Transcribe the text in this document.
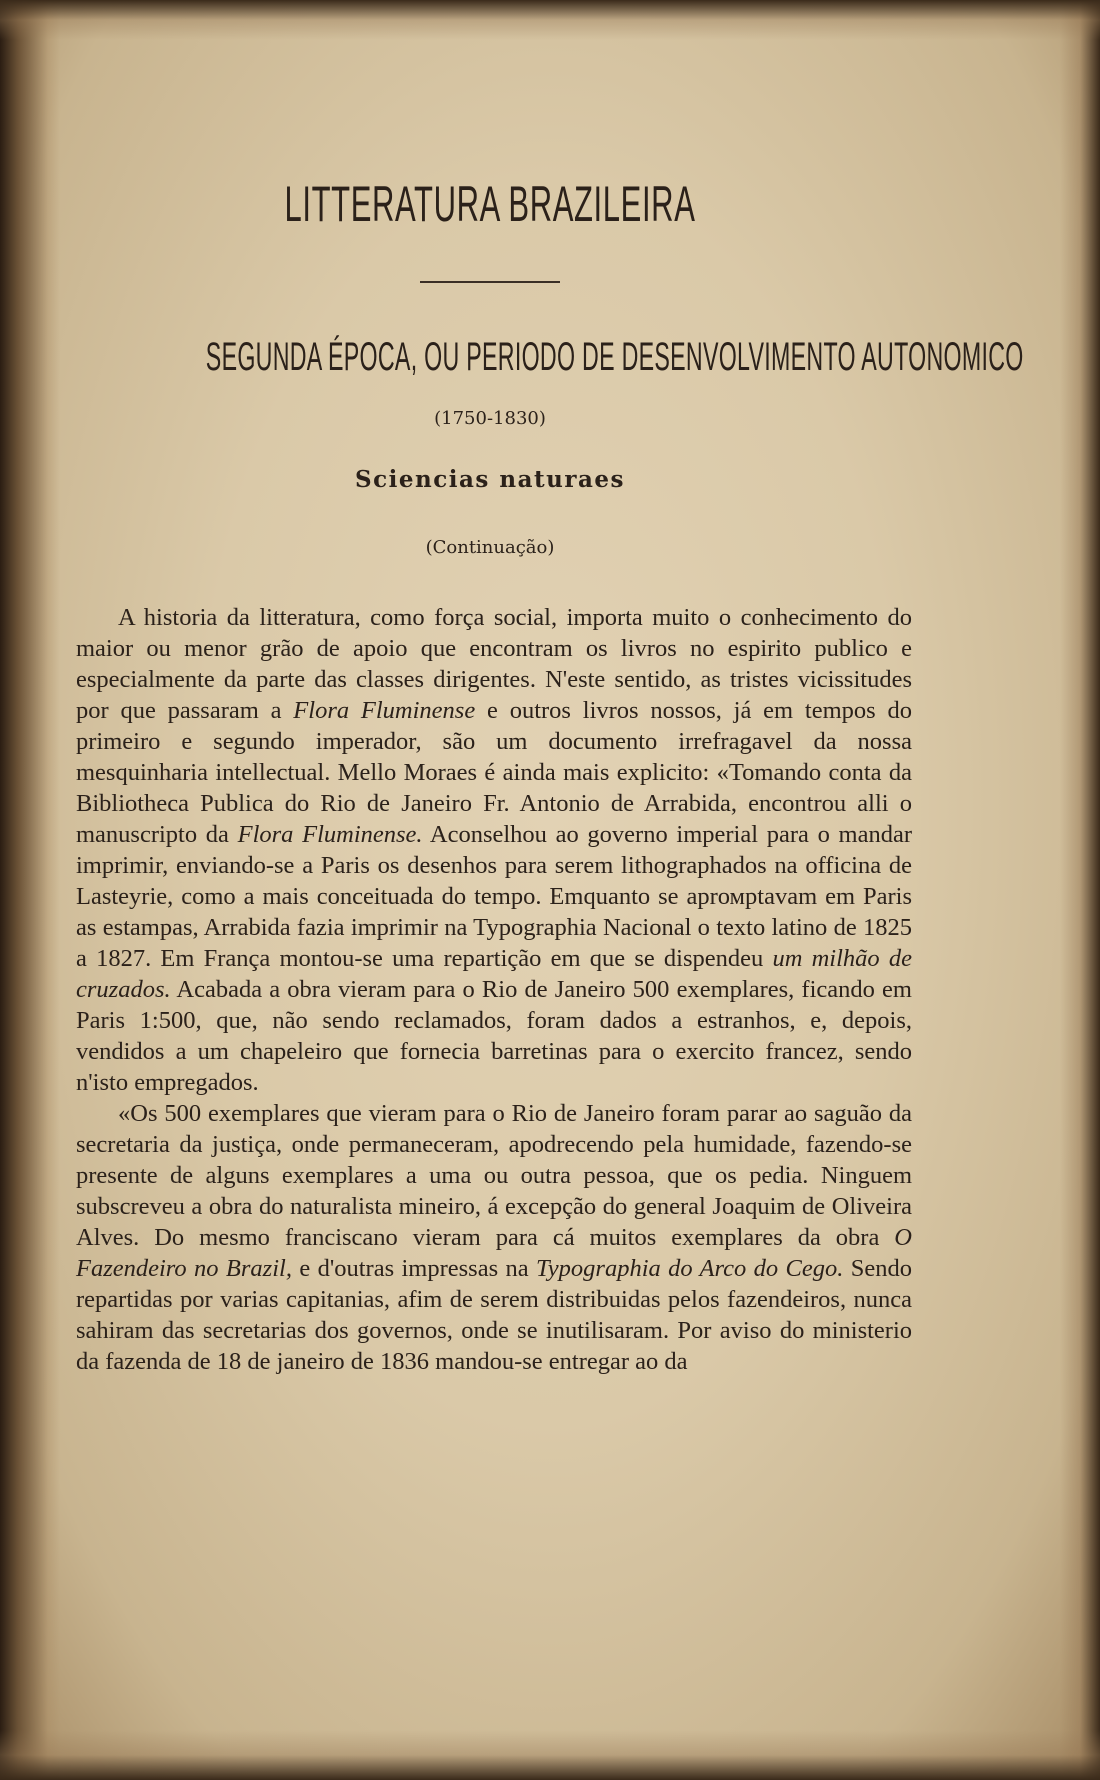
LITTERATURA BRAZILEIRA
SEGUNDA ÉPOCA, OU PERIODO DE DESENVOLVIMENTO AUTONOMICO
(1750-1830)
Sciencias naturaes
(Continuação)

A historia da litteratura, como força social, importa muito o conhecimento do maior ou menor grão de apoio que encontram os livros no espirito publico e especialmente da parte das classes dirigentes. N'este sentido, as tristes vicissitudes por que passaram a Flora Fluminense e outros livros nossos, já em tempos do primeiro e segundo imperador, são um documento irrefragavel da nossa mesquinharia intellectual. Mello Moraes é ainda mais explicito: «Tomando conta da Bibliotheca Publica do Rio de Janeiro Fr. Antonio de Arrabida, encontrou alli o manuscripto da Flora Fluminense. Aconselhou ao governo imperial para o mandar imprimir, enviando-se a Paris os desenhos para serem lithographados na officina de Lasteyrie, como a mais conceituada do tempo. Emquanto se aprомptavam em Paris as estampas, Arrabida fazia imprimir na Typographia Nacional o texto latino de 1825 a 1827. Em França montou-se uma repartição em que se dispendeu um milhão de cruzados. Acabada a obra vieram para o Rio de Janeiro 500 exemplares, ficando em Paris 1:500, que, não sendo reclamados, foram dados a estranhos, e, depois, vendidos a um chapeleiro que fornecia barretinas para o exercito francez, sendo n'isto empregados.

«Os 500 exemplares que vieram para o Rio de Janeiro foram parar ao saguão da secretaria da justiça, onde permaneceram, apodrecendo pela humidade, fazendo-se presente de alguns exemplares a uma ou outra pessoa, que os pedia. Ninguem subscreveu a obra do naturalista mineiro, á excepção do general Joaquim de Oliveira Alves. Do mesmo franciscano vieram para cá muitos exemplares da obra O Fazendeiro no Brazil, e d'outras impressas na Typographia do Arco do Cego. Sendo repartidas por varias capitanias, afim de serem distribuidas pelos fazendeiros, nunca sahiram das secretarias dos governos, onde se inutilisaram. Por aviso do ministerio da fazenda de 18 de janeiro de 1836 mandou-se entregar ao da
